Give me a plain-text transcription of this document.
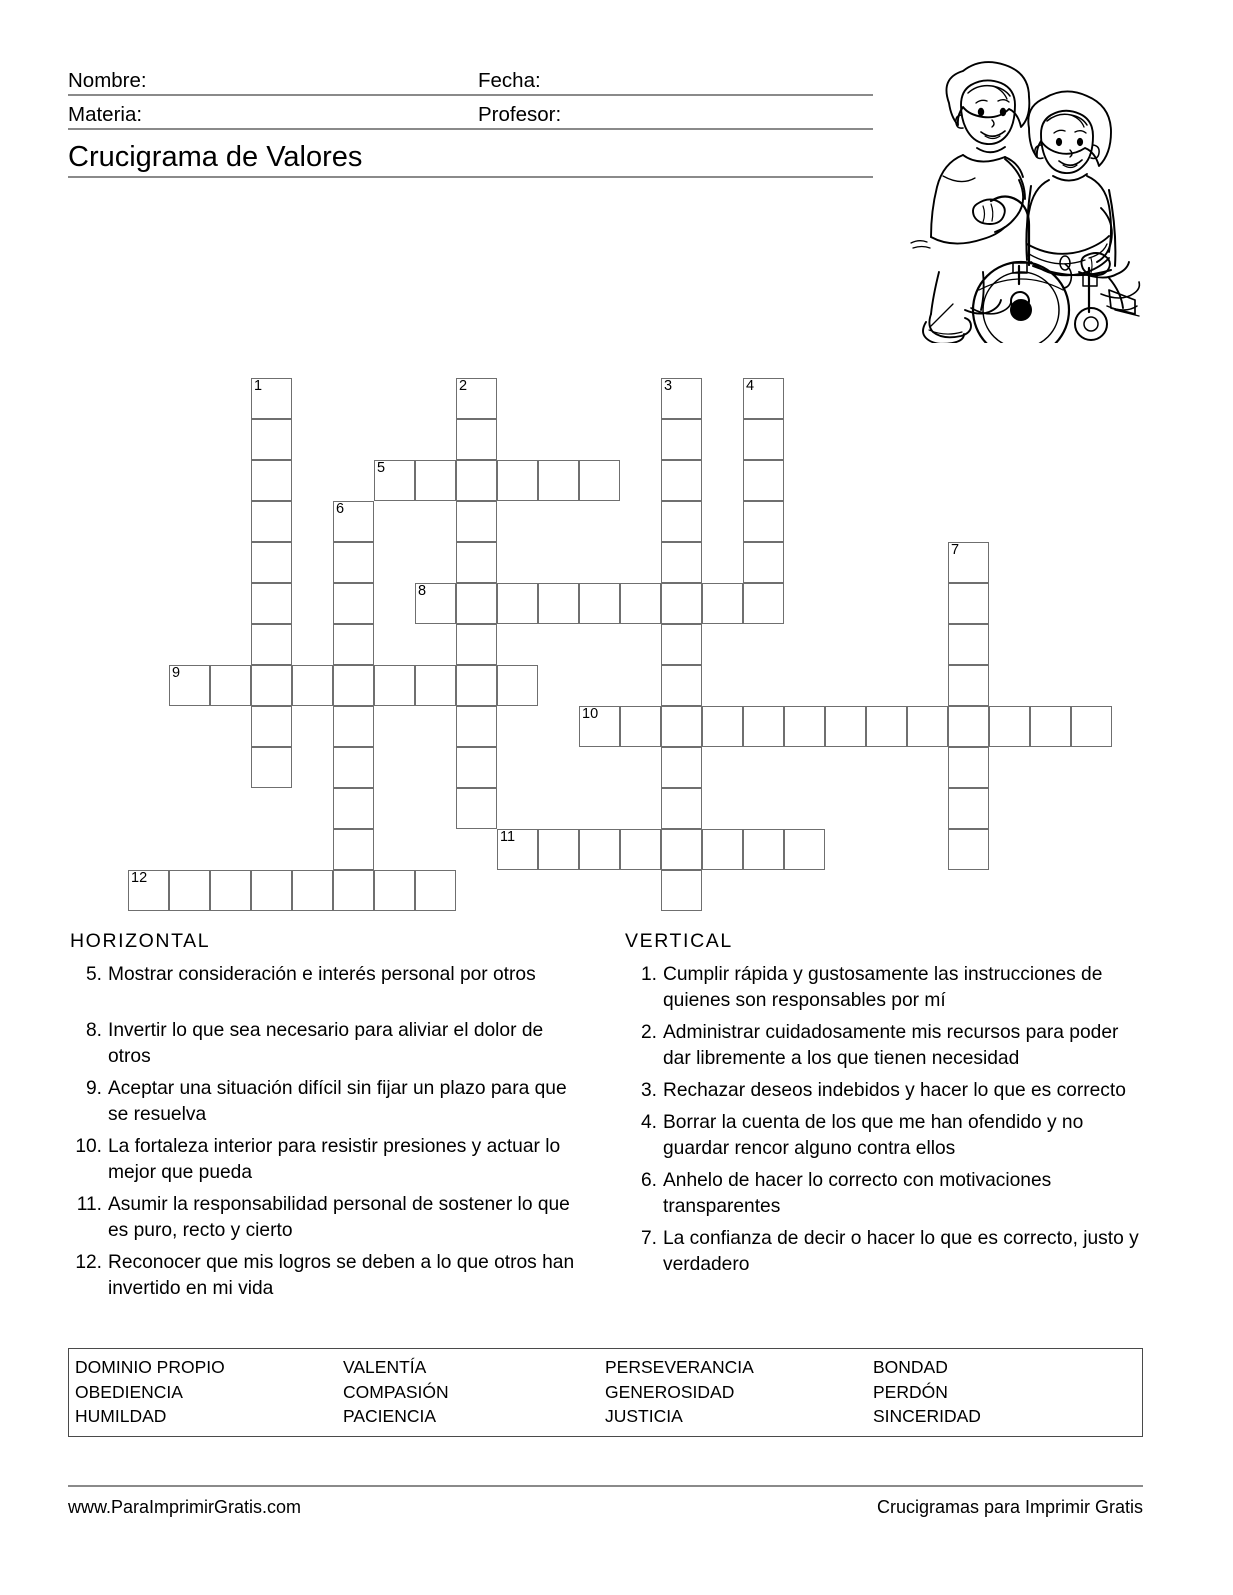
Nombre:	Fecha:
Materia:	Profesor:
Crucigrama de Valores
1	2	3	4
5
6
7
8
9
10
11
12
HORIZONTAL
5. Mostrar consideración e interés personal por otros
8. Invertir lo que sea necesario para aliviar el dolor de otros
9. Aceptar una situación difícil sin fijar un plazo para que se resuelva
10. La fortaleza interior para resistir presiones y actuar lo mejor que pueda
11. Asumir la responsabilidad personal de sostener lo que es puro, recto y cierto
12. Reconocer que mis logros se deben a lo que otros han invertido en mi vida
VERTICAL
1. Cumplir rápida y gustosamente las instrucciones de quienes son responsables por mí
2. Administrar cuidadosamente mis recursos para poder dar libremente a los que tienen necesidad
3. Rechazar deseos indebidos y hacer lo que es correcto
4. Borrar la cuenta de los que me han ofendido y no guardar rencor alguno contra ellos
6. Anhelo de hacer lo correcto con motivaciones transparentes
7. La confianza de decir o hacer lo que es correcto, justo y verdadero
DOMINIO PROPIO	VALENTÍA	PERSEVERANCIA	BONDAD
OBEDIENCIA	COMPASIÓN	GENEROSIDAD	PERDÓN
HUMILDAD	PACIENCIA	JUSTICIA	SINCERIDAD
www.ParaImprimirGratis.com	Crucigramas para Imprimir Gratis
